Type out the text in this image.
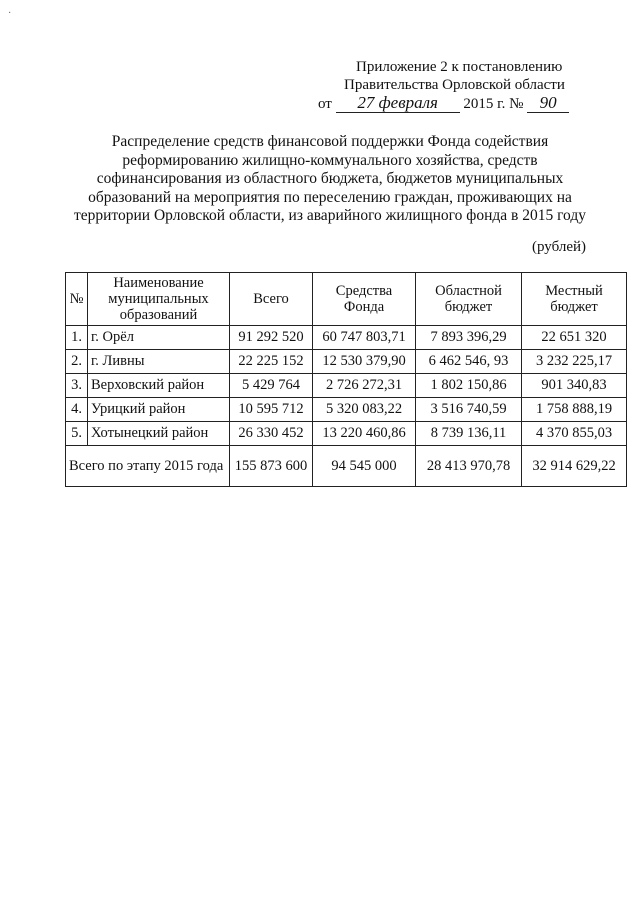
·
Приложение 2 к постановлению
Правительства Орловской области
от 27 февраля 2015 г. № 90
Распределение средств финансовой поддержки Фонда содействия реформированию жилищно-коммунального хозяйства, средств софинансирования из областного бюджета, бюджетов муниципальных образований на мероприятия по переселению граждан, проживающих на территории Орловской области, из аварийного жилищного фонда в 2015 году
(рублей)
№	Наименование муниципальных образований	Всего	Средства Фонда	Областной бюджет	Местный бюджет
1.	г. Орёл	91 292 520	60 747 803,71	7 893 396,29	22 651 320
2.	г. Ливны	22 225 152	12 530 379,90	6 462 546, 93	3 232 225,17
3.	Верховский район	5 429 764	2 726 272,31	1 802 150,86	901 340,83
4.	Урицкий район	10 595 712	5 320 083,22	3 516 740,59	1 758 888,19
5.	Хотынецкий район	26 330 452	13 220 460,86	8 739 136,11	4 370 855,03
Всего по этапу 2015 года		155 873 600	94 545 000	28 413 970,78	32 914 629,22
